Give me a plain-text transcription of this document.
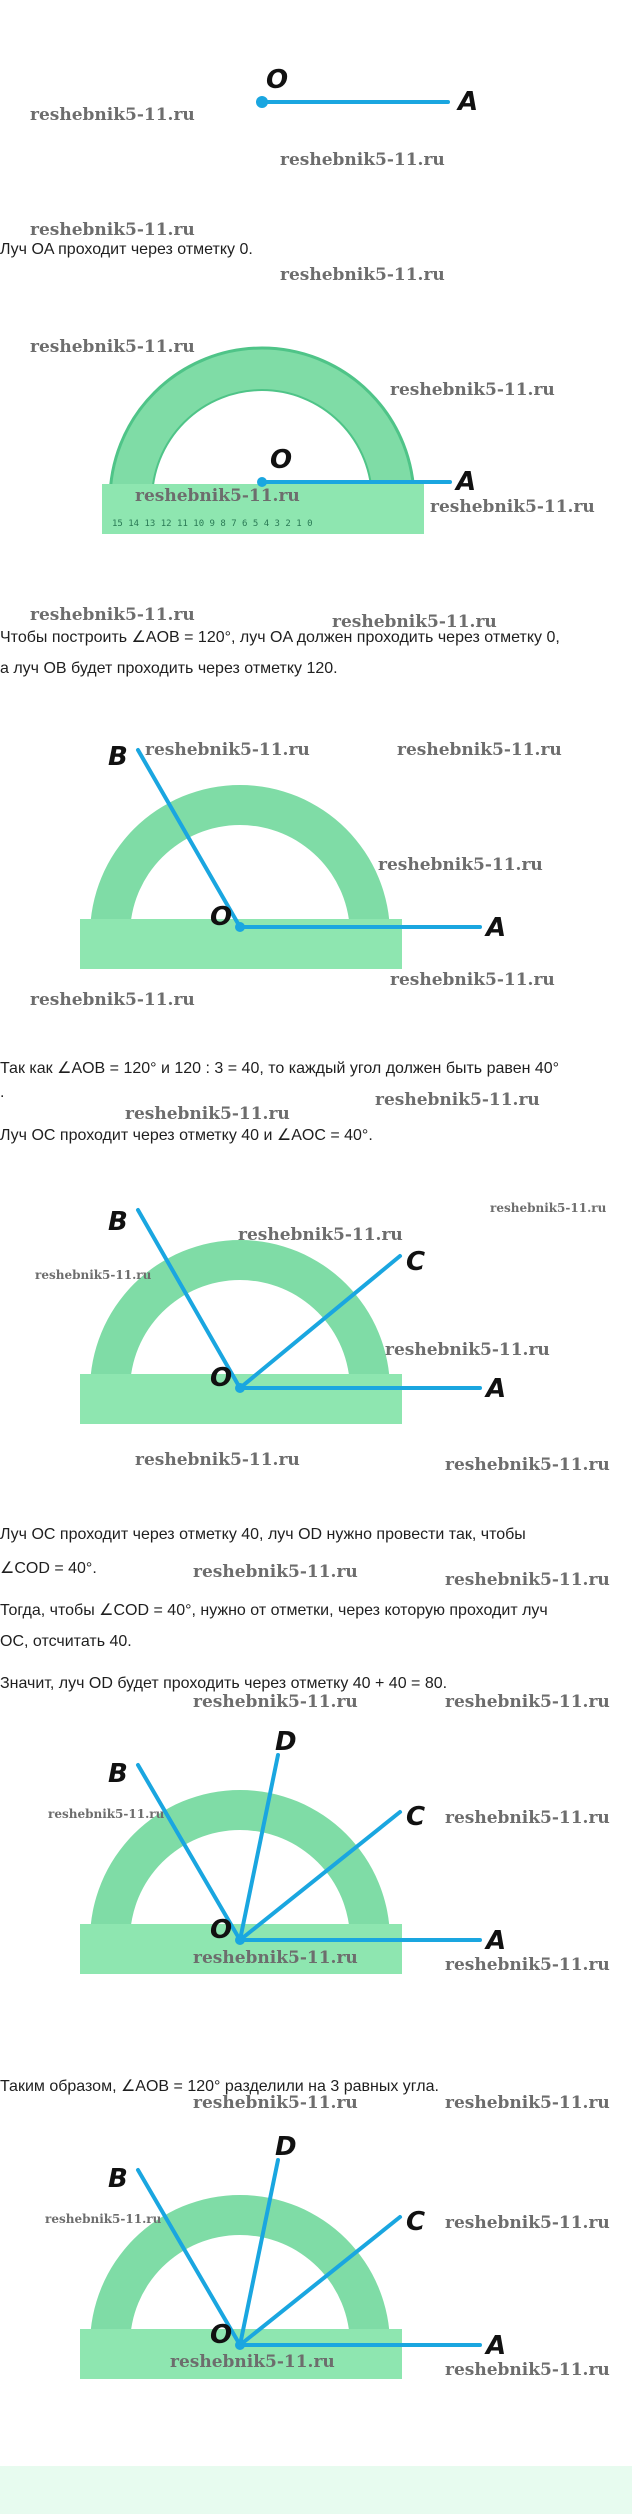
O
A
reshebnik5-11.ru
reshebnik5-11.ru
reshebnik5-11.ru
Луч OA проходит через отметку 0.
reshebnik5-11.ru
15 14 13 12 11 10 9 8 7 6 5 4 3 2 1 0
O
A
reshebnik5-11.ru
reshebnik5-11.ru
reshebnik5-11.ru
reshebnik5-11.ru
reshebnik5-11.ru	reshebnik5-11.ru
Чтобы построить ∠AOB = 120°, луч OA должен проходить через отметку 0,
а луч OB будет проходить через отметку 120.
O	A
B reshebnik5-11.ru	reshebnik5-11.ru
reshebnik5-11.ru
reshebnik5-11.ru
reshebnik5-11.ru
Так как ∠AOB = 120° и 120 : 3 = 40, то каждый угол должен быть равен 40°
.	reshebnik5-11.ru
reshebnik5-11.ru
Луч OC проходит через отметку 40 и ∠AOC = 40°.
O	A
B
C
reshebnik5-11.ru
reshebnik5-11.ru
reshebnik5-11.ru
reshebnik5-11.ru
reshebnik5-11.ru	reshebnik5-11.ru
Луч OC проходит через отметку 40, луч OD нужно провести так, чтобы
reshebnik5-11.ru	reshebnik5-11.ru
∠COD = 40°.
Тогда, чтобы ∠COD = 40°, нужно от отметки, через которую проходит луч
OC, отсчитать 40.
Значит, луч OD будет проходить через отметку 40 + 40 = 80.
reshebnik5-11.ru	reshebnik5-11.ru
O	A
B
C
D
reshebnik5-11.ru	reshebnik5-11.ru
reshebnik5-11.ru	reshebnik5-11.ru
Таким образом, ∠AOB = 120° разделили на 3 равных угла.
reshebnik5-11.ru	reshebnik5-11.ru
O	A
B
C
D
reshebnik5-11.ru	reshebnik5-11.ru
reshebnik5-11.ru	reshebnik5-11.ru
